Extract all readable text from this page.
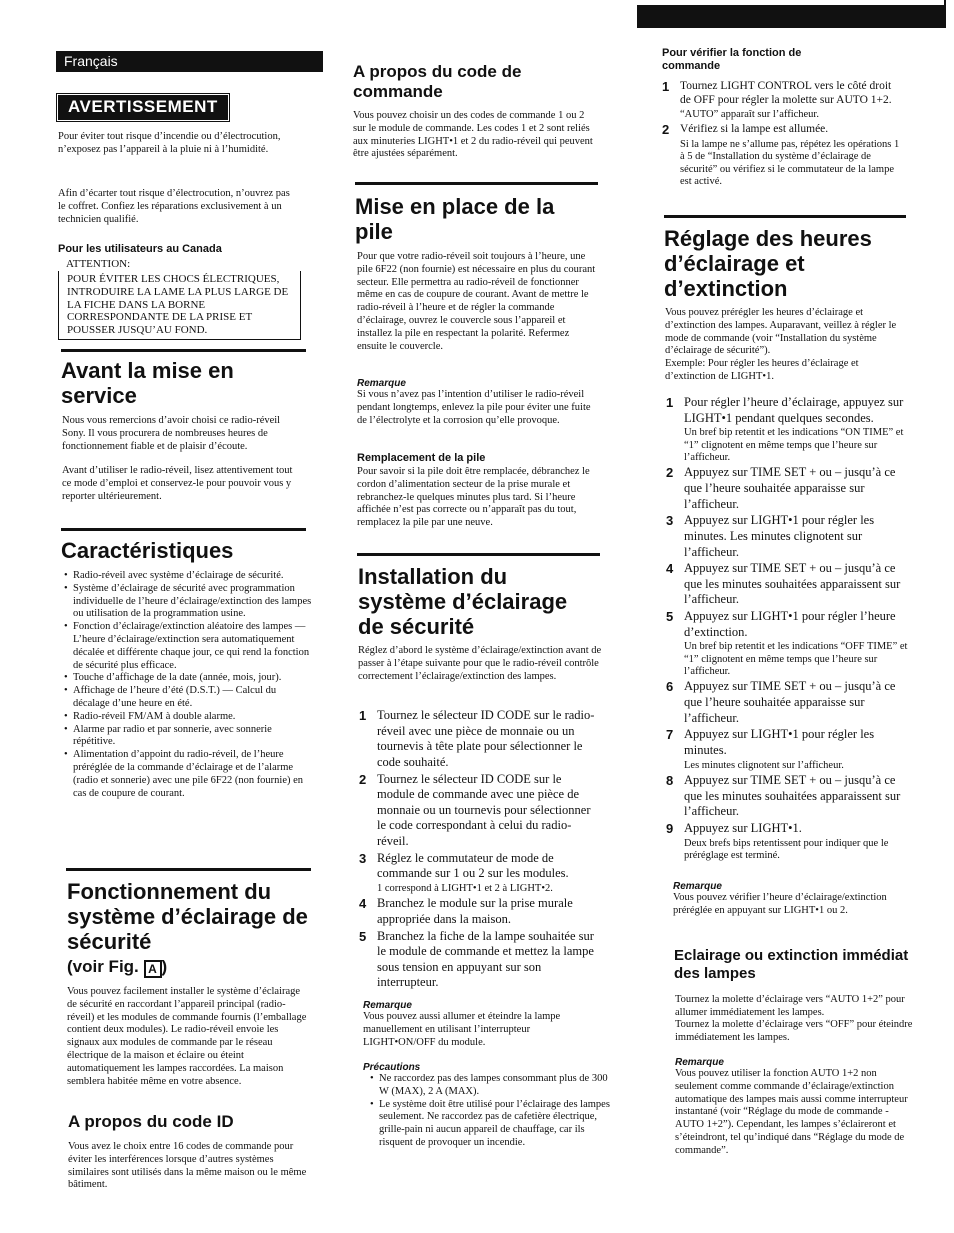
Français
AVERTISSEMENT

Pour éviter tout risque d’incendie ou d’électrocution, n’exposez pas l’appareil à la pluie ni à l’humidité.

Afin d’écarter tout risque d’électrocution, n’ouvrez pas le coffret. Confiez les réparations exclusivement à un technicien qualifié.

Pour les utilisateurs au Canada

ATTENTION:
POUR ÉVITER LES CHOCS ÉLECTRIQUES, INTRODUIRE LA LAME LA PLUS LARGE DE LA FICHE DANS LA BORNE CORRESPONDANTE DE LA PRISE ET POUSSER JUSQU’AU FOND.
Avant la mise en service

Nous vous remercions d’avoir choisi ce radio-réveil Sony. Il vous procurera de nombreuses heures de fonctionnement fiable et de plaisir d’écoute.

Avant d’utiliser le radio-réveil, lisez attentivement tout ce mode d’emploi et conservez-le pour pouvoir vous y reporter ultérieurement.

Caractéristiques
• Radio-réveil avec système d’éclairage de sécurité.
• Système d’éclairage de sécurité avec programmation individuelle de l’heure d’éclairage/extinction des lampes ou utilisation de la programmation usine.
• Fonction d’éclairage/extinction aléatoire des lampes — L’heure d’éclairage/extinction sera automatiquement décalée et différente chaque jour, ce qui rend la fonction de sécurité plus efficace.
• Touche d’affichage de la date (année, mois, jour).
• Affichage de l’heure d’été (D.S.T.) — Calcul du décalage d’une heure en été.
• Radio-réveil FM/AM à double alarme.
• Alarme par radio et par sonnerie, avec sonnerie répétitive.
• Alimentation d’appoint du radio-réveil, de l’heure préréglée de la commande d’éclairage et de l’alarme (radio et sonnerie) avec une pile 6F22 (non fournie) en cas de coupure de courant.
Fonctionnement du système d’éclairage de sécurité
(voir Fig. A )

Vous pouvez facilement installer le système d’éclairage de sécurité en raccordant l’appareil principal (radio-réveil) et les modules de commande fournis (l’emballage contient deux modules). Le radio-réveil envoie les signaux aux modules de commande par le réseau électrique de la maison et éclaire ou éteint automatiquement les lampes raccordées. La maison semblera habitée même en votre absence.

A propos du code ID

Vous avez le choix entre 16 codes de commande pour éviter les interférences lorsque d’autres systèmes similaires sont utilisés dans la même maison ou le même bâtiment.

A propos du code de commande

Vous pouvez choisir un des codes de commande 1 ou 2 sur le module de commande. Les codes 1 et 2 sont reliés aux minuteries LIGHT•1 et 2 du radio-réveil qui peuvent être ajustées séparément.

Mise en place de la pile

Pour que votre radio-réveil soit toujours à l’heure, une pile 6F22 (non fournie) est nécessaire en plus du courant secteur. Elle permettra au radio-réveil de fonctionner même en cas de coupure de courant. Avant de mettre le radio-réveil à l’heure et de régler la commande d’éclairage, ouvrez le couvercle sous l’appareil et installez la pile en respectant la polarité. Refermez ensuite le couvercle.

Remarque

Si vous n’avez pas l’intention d’utiliser le radio-réveil pendant longtemps, enlevez la pile pour éviter une fuite de l’électrolyte et la corrosion qu’elle provoque.

Remplacement de la pile

Pour savoir si la pile doit être remplacée, débranchez le cordon d’alimentation secteur de la prise murale et rebranchez-le quelques minutes plus tard. Si l’heure affichée n’est pas correcte ou n’apparaît pas du tout, remplacez la pile par une neuve.

Installation du système d’éclairage de sécurité

Réglez d’abord le système d’éclairage/extinction avant de passer à l’étape suivante pour que le radio-réveil contrôle correctement l’éclairage/extinction des lampes.

1 Tournez le sélecteur ID CODE sur le radio-réveil avec une pièce de monnaie ou un tournevis à tête plate pour sélectionner le code souhaité.
2 Tournez le sélecteur ID CODE sur le module de commande avec une pièce de monnaie ou un tournevis pour sélectionner le code correspondant à celui du radio-réveil.
3 Réglez le commutateur de mode de commande sur 1 ou 2 sur les modules.
1 correspond à LIGHT•1 et 2 à LIGHT•2.
4 Branchez le module sur la prise murale appropriée dans la maison.
5 Branchez la fiche de la lampe souhaitée sur le module de commande et mettez la lampe sous tension en appuyant sur son interrupteur.

Remarque

Vous pouvez aussi allumer et éteindre la lampe manuellement en utilisant l’interrupteur LIGHT•ON/OFF du module.

Précautions

• Ne raccordez pas des lampes consommant plus de 300 W (MAX), 2 A (MAX).
• Le système doit être utilisé pour l’éclairage des lampes seulement. Ne raccordez pas de cafetière électrique, grille-pain ni aucun appareil de chauffage, car ils risquent de provoquer un incendie.

Pour vérifier la fonction de commande

1 Tournez LIGHT CONTROL vers le côté droit de OFF pour régler la molette sur AUTO 1+2.
“AUTO” apparaît sur l’afficheur.
2 Vérifiez si la lampe est allumée.
Si la lampe ne s’allume pas, répétez les opérations 1 à 5 de “Installation du système d’éclairage de sécurité” ou vérifiez si le commutateur de la lampe est activé.
Réglage des heures d’éclairage et d’extinction

Vous pouvez prérégler les heures d’éclairage et d’extinction des lampes. Auparavant, veillez à régler le mode de commande (voir “Installation du système d’éclairage de sécurité”).

Exemple: Pour régler les heures d’éclairage et d’extinction de LIGHT•1.

1 Pour régler l’heure d’éclairage, appuyez sur LIGHT•1 pendant quelques secondes.
Un bref bip retentit et les indications “ON TIME” et “1” clignotent en même temps que l’heure sur l’afficheur.
2 Appuyez sur TIME SET + ou – jusqu’à ce que l’heure souhaitée apparaisse sur l’afficheur.
3 Appuyez sur LIGHT•1 pour régler les minutes. Les minutes clignotent sur l’afficheur.
4 Appuyez sur TIME SET + ou – jusqu’à ce que les minutes souhaitées apparaissent sur l’afficheur.
5 Appuyez sur LIGHT•1 pour régler l’heure d’extinction.
Un bref bip retentit et les indications “OFF TIME” et “1” clignotent en même temps que l’heure sur l’afficheur.
6 Appuyez sur TIME SET + ou – jusqu’à ce que l’heure souhaitée apparaisse sur l’afficheur.
7 Appuyez sur LIGHT•1 pour régler les minutes.
Les minutes clignotent sur l’afficheur.
8 Appuyez sur TIME SET + ou – jusqu’à ce que les minutes souhaitées apparaissent sur l’afficheur.
9 Appuyez sur LIGHT•1.
Deux brefs bips retentissent pour indiquer que le préréglage est terminé.

Remarque

Vous pouvez vérifier l’heure d’éclairage/extinction préréglée en appuyant sur LIGHT•1 ou 2.

Eclairage ou extinction immédiat des lampes

Tournez la molette d’éclairage vers “AUTO 1+2” pour allumer immédiatement les lampes.

Tournez la molette d’éclairage vers “OFF” pour éteindre immédiatement les lampes.

Remarque

Vous pouvez utiliser la fonction AUTO 1+2 non seulement comme commande d’éclairage/extinction automatique des lampes mais aussi comme interrupteur instantané (voir “Réglage du mode de commande - AUTO 1+2”). Cependant, les lampes s’éclaireront et s’éteindront, tel qu’indiqué dans “Réglage du mode de commande”.
